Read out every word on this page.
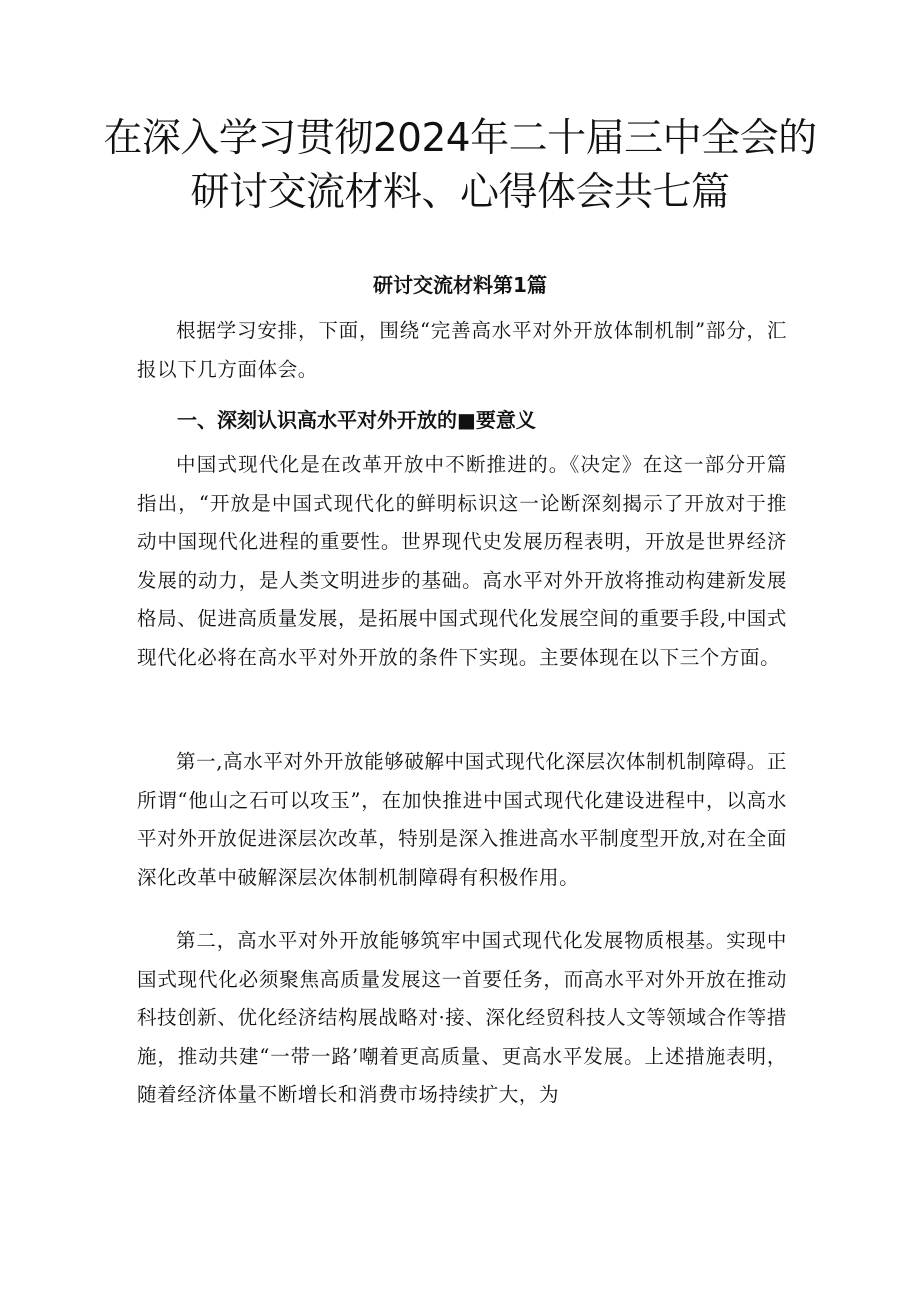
在深入学习贯彻2024年二十届三中全会的
研讨交流材料、心得体会共七篇
研讨交流材料第1篇

根据学习安排，下面，围绕“完善高水平对外开放体制机制”部分，汇报以下几方面体会。

一、深刻认识高水平对外开放的■要意义

中国式现代化是在改革开放中不断推进的。《决定》在这一部分开篇指出，“开放是中国式现代化的鲜明标识这一论断深刻揭示了开放对于推动中国现代化进程的重要性。世界现代史发展历程表明，开放是世界经济发展的动力，是人类文明进步的基础。高水平对外开放将推动构建新发展格局、促进高质量发展，是拓展中国式现代化发展空间的重要手段,中国式现代化必将在高水平对外开放的条件下实现。主要体现在以下三个方面。

第一,高水平对外开放能够破解中国式现代化深层次体制机制障碍。正所谓“他山之石可以攻玉”，在加快推进中国式现代化建设进程中，以高水平对外开放促进深层次改革，特别是深入推进高水平制度型开放,对在全面深化改革中破解深层次体制机制障碍有积极作用。

第二，高水平对外开放能够筑牢中国式现代化发展物质根基。实现中国式现代化必须聚焦高质量发展这一首要任务，而高水平对外开放在推动科技创新、优化经济结构展战略对·接、深化经贸科技人文等领域合作等措施，推动共建“一带一路’嘲着更高质量、更高水平发展。上述措施表明，随着经济体量不断增长和消费市场持续扩大，为
